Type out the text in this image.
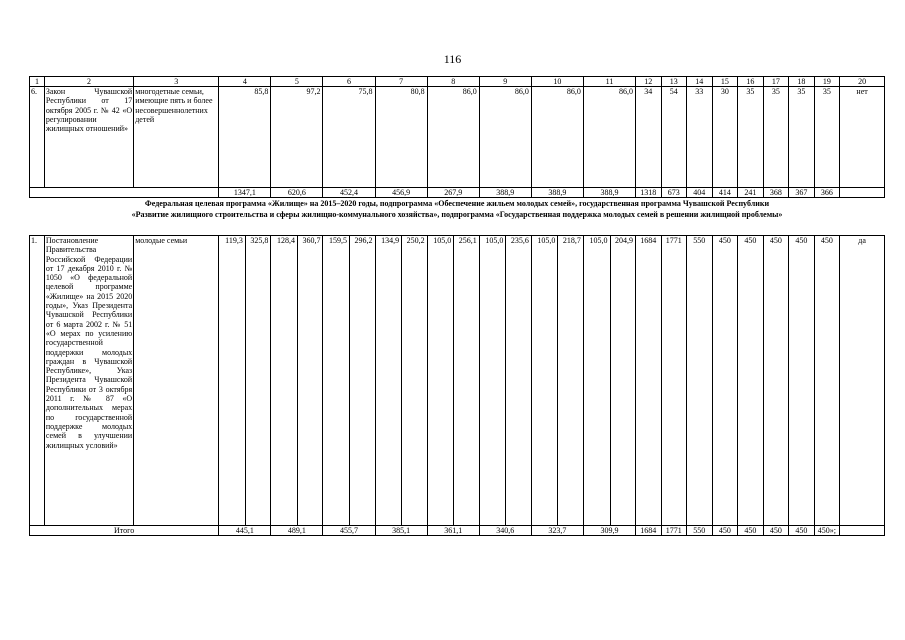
116
1	2	3	4	5	6	7	8	9	10	11	12	13	14	15	16	17	18	19	20
6.	Закон Чувашской Республики от 17 октября 2005 г. № 42 «О регулировании жилищных отношений»	многодетные семьи, имеющие пять и более несовершеннолетних детей	85,8	97,2	75,8	80,8	86,0	86,0	86,0	86,0	34	54	33	30	35	35	35	35	нет
			1347,1	620,6	452,4	456,9	267,9	388,9	388,9	388,9	1318	673	404	414	241	368	367	366	
Федеральная целевая программа «Жилище» на 2015–2020 годы, подпрограмма «Обеспечение жильем молодых семей», государственная программа Чувашской Республики
«Развитие жилищного строительства и сферы жилищно-коммунального хозяйства», подпрограмма «Государственная поддержка молодых семей в решении жилищной проблемы»
1.	Постановление Правительства Российской Федерации от 17 декабря 2010 г. № 1050 «О федеральной целевой программе «Жилище» на 2015 2020 годы», Указ Президента Чувашской Республики от 6 марта 2002 г. № 51 «О мерах по усилению государственной поддержки молодых граждан в Чувашской Республике», Указ Президента Чувашской Республики от 3 октября 2011 г. № 87 «О дополнительных мерах по государственной поддержке молодых семей в улучшении жилищных условий»	молодые семьи	119,3	325,8	128,4	360,7	159,5	296,2	134,9	250,2	105,0	256,1	105,0	235,6	105,0	218,7	105,0	204,9	1684	1771	550	450	450	450	450	450	да
Итого			445,1		489,1		455,7		385,1		361,1		340,6		323,7		309,9		1684	1771	550	450	450	450	450	450»;	
